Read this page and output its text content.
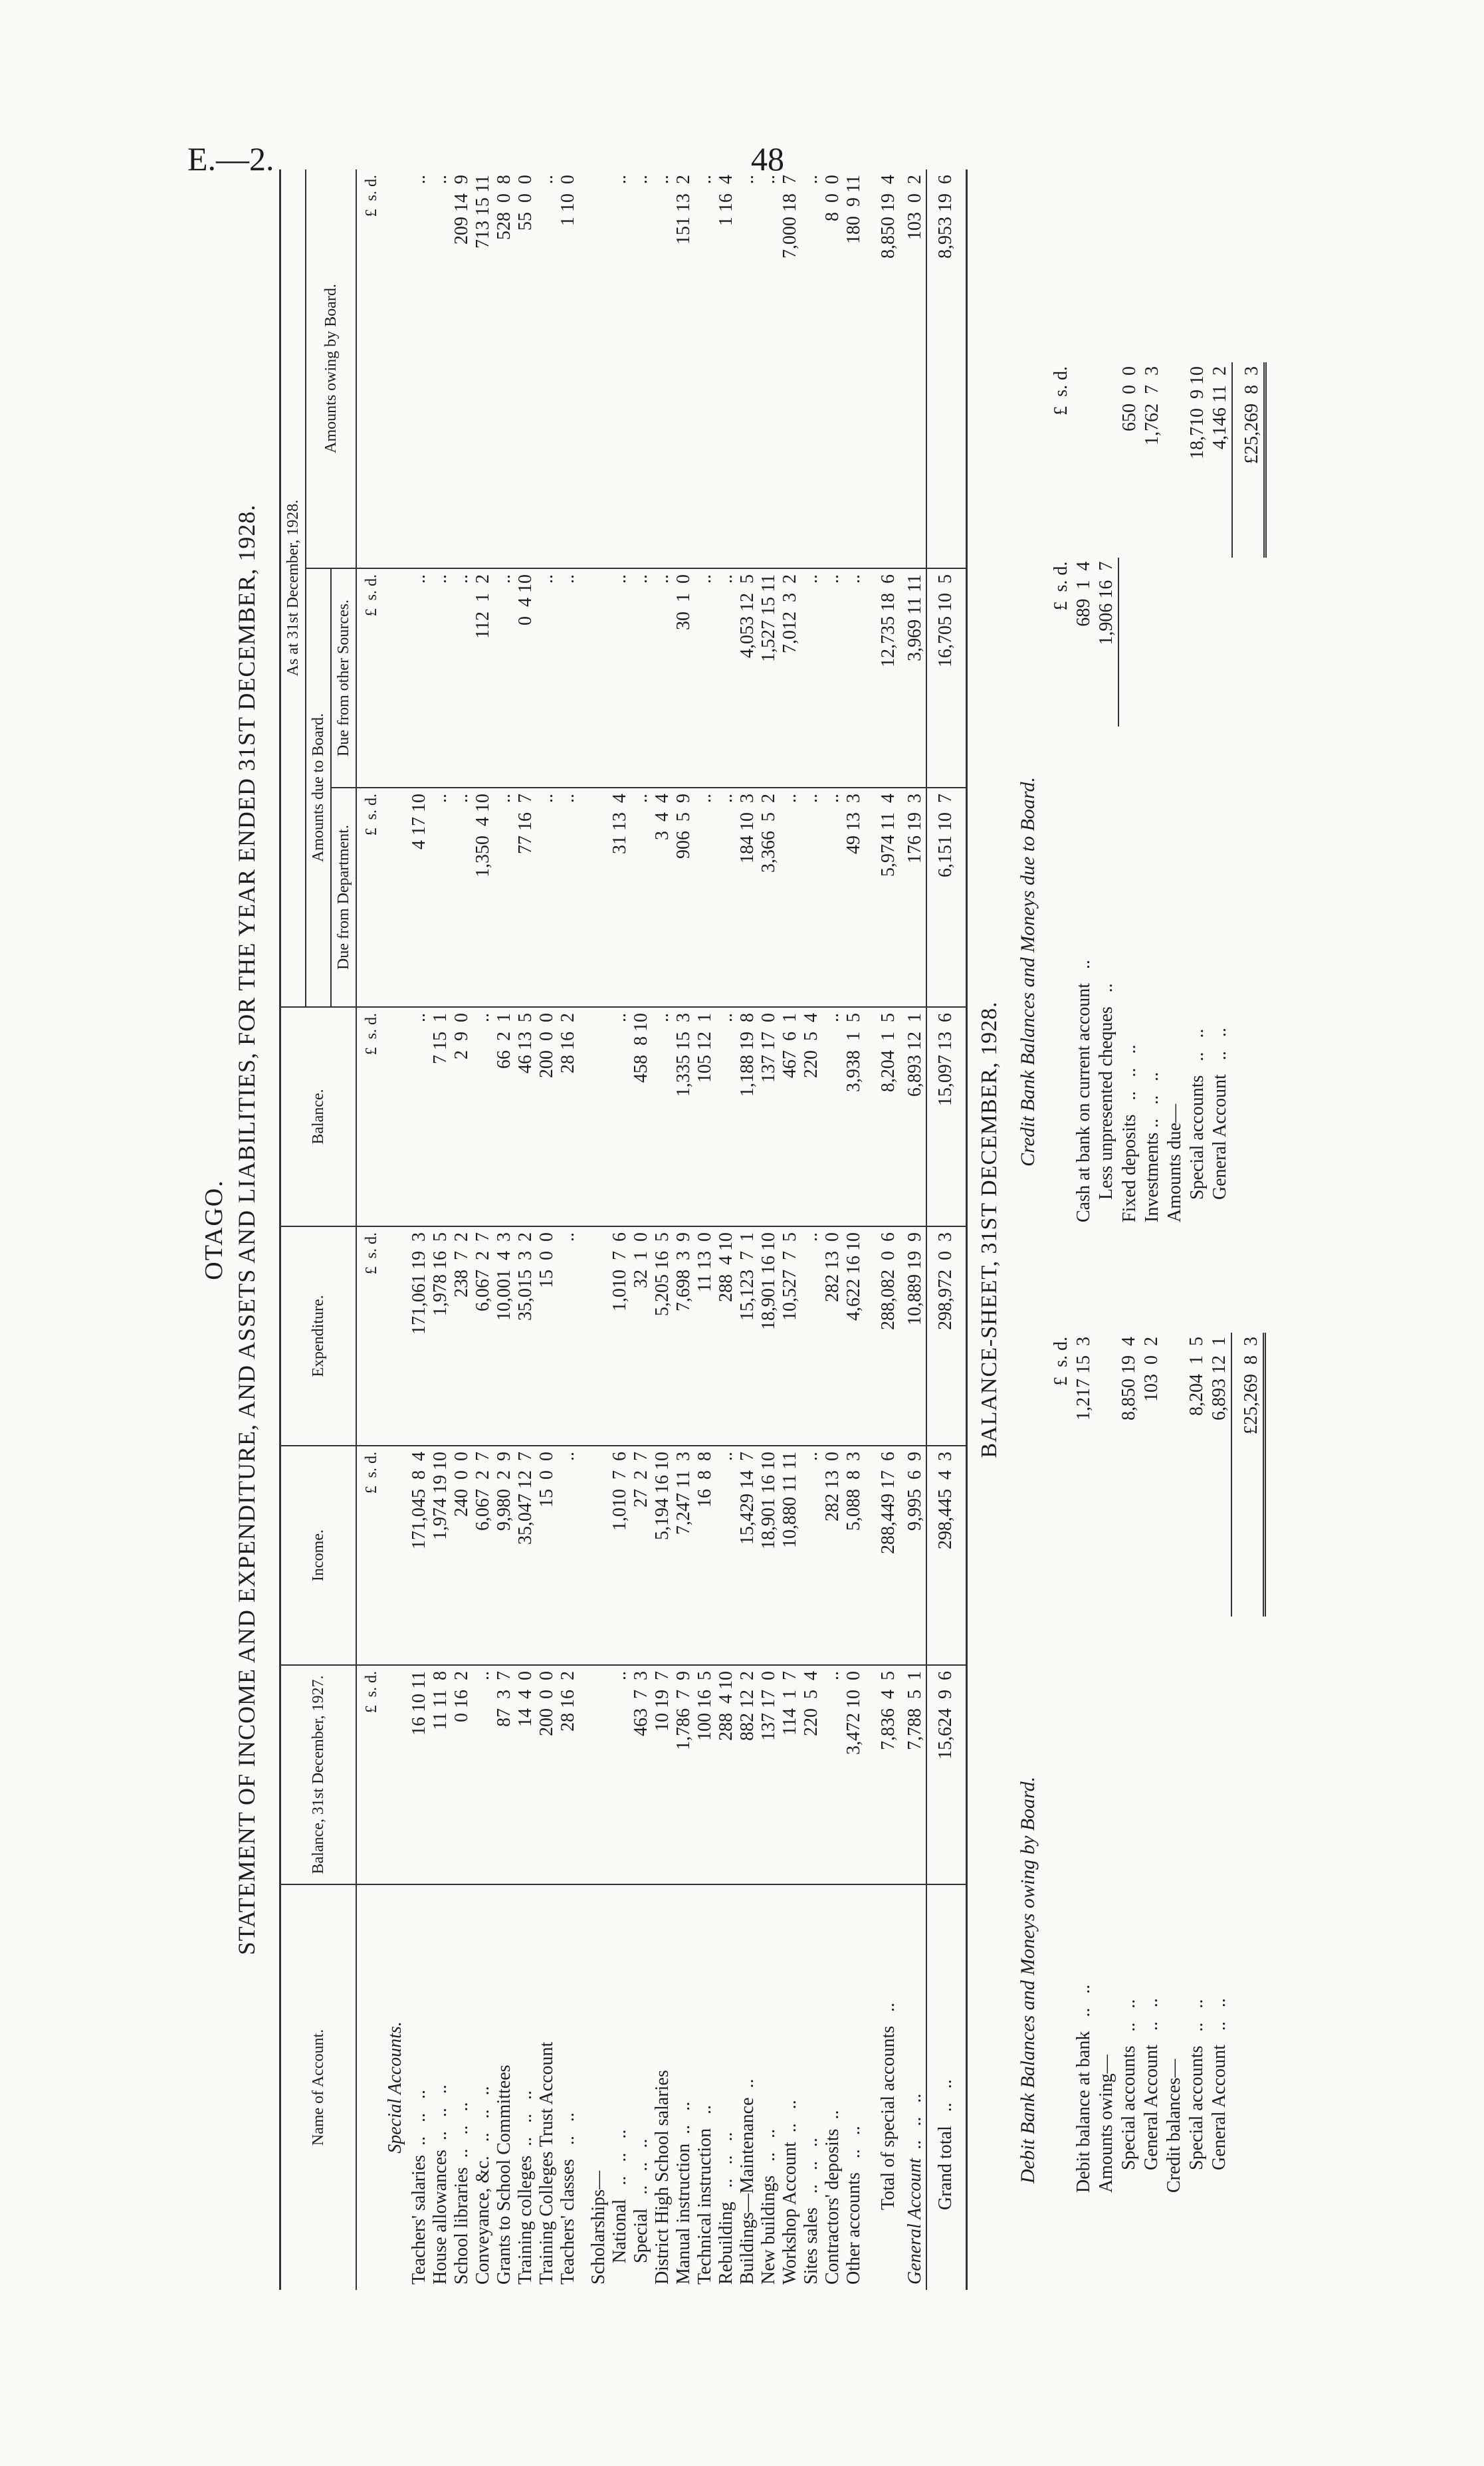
E.—2.	48
OTAGO. STATEMENT OF INCOME AND EXPENDITURE, AND ASSETS AND LIABILITIES, FOR THE YEAR ENDED 31ST DECEMBER, 1928.
Name of Account.	Balance, 31st December, 1927.	Income.	Expenditure.	Balance.	As at 31st December, 1928.		
					Amounts due to Board.		Amounts owing by Board.
					Due from Department.	Due from other Sources.	
	£  s. d.	£  s. d.	£  s. d.	£  s. d.	£  s. d.	£  s. d.	£  s. d.
Special Accounts.							
Teachers' salaries  ..   ..   ..	16 10 11	171,045  8  4	171,061 19  3	..	4 17 10	..	..
House allowances  ..   ..   ..	11 11  8	1,974 19 10	1,978 16  5	7 15  1	..	..	..
School libraries  ..   ..   ..	0 16  2	240  0  0	238  7  2	2  9  0	..	..	209 14  9
Conveyance, &c.   ..   ..   ..	..	6,067  2  7	6,067  2  7	..	1,350  4 10	112  1  2	713 15 11
Grants to School Committees	87  3  7	9,980  2  9	10,001  4  3	66  2  1	..	..	528  0  8
Training colleges  ..   ..   ..	14  4  0	35,047 12  7	35,015  3  2	46 13  5	77 16  7	0  4 10	55  0  0
Training Colleges Trust Account	200  0  0	15  0  0	15  0  0	200  0  0	..	..	..
Teachers' classes   ..   ..	28 16  2	..	..	28 16  2	..	..	1 10  0
Scholarships—							
National   ..   ..   ..	..	1,010  7  6	1,010  7  6	..	31 13  4	..	..
Special   ..   ..   ..	463  7  3	27  2  7	32  1  0	458  8 10	..	..	..
District High School salaries	10 19  7	5,194 16 10	5,205 16  5	..	3  4  4	..	..
Manual instruction  ..   ..	1,786  7  9	7,247 11  3	7,698  3  9	1,335 15  3	906  5  9	30  1  0	151 13  2
Technical instruction   ..	100 16  5	16  8  8	11 13  0	105 12  1	..	..	..
Rebuilding   ..   ..   ..	288  4 10	..	288  4 10	..	..	..	1 16  4
Buildings—Maintenance  ..	882 12  2	15,429 14  7	15,123  7  1	1,188 19  8	184 10  3	4,053 12  5	..
New buildings   ..   ..	137 17  0	18,901 16 10	18,901 16 10	137 17  0	3,366  5  2	1,527 15 11	..
Workshop Account  ..   ..	114  1  7	10,880 11 11	10,527  7  5	467  6  1	..	7,012  3  2	7,000 18  7
Sites sales   ..   ..   ..	220  5  4	..	..	220  5  4	..	..	..
Contractors' deposits  ..	..	282 13  0	282 13  0	..	..	..	8  0  0
Other accounts   ..   ..	3,472 10  0	5,088  8  3	4,622 16 10	3,938  1  5	49 13  3	..	180  9 11
Total of special accounts   ..	7,836  4  5	288,449 17  6	288,082  0  6	8,204  1  5	5,974 11  4	12,735 18  6	8,850 19  4
General Account  ..   ..   ..	7,788  5  1	9,995  6  9	10,889 19  9	6,893 12  1	176 19  3	3,969 11 11	103  0  2
Grand total   ..   ..	15,624  9  6	298,445  4  3	298,972  0  3	15,097 13  6	6,151 10  7	16,705 10  5	8,953 19  6
BALANCE-SHEET, 31ST DECEMBER, 1928.
Debit Bank Balances and Moneys owing by Board.
Credit Bank Balances and Moneys due to Board.
	£  s. d.
Debit balance at bank   ..   ..	1,217 15  3
Amounts owing—	
Special accounts   ..   ..	8,850 19  4
General Account   ..   ..	103  0  2
Credit balances—	
Special accounts   ..   ..	8,204  1  5
General Account   ..   ..	6,893 12  1
	£25,269  8  3
	£  s. d.	£  s. d.
Cash at bank on current account   ..	689  1  4	
Less unpresented cheques   ..	1,906 16  7	
Fixed deposits   ..   ..   ..		650  0  0
Investments ..   ..   ..		1,762  7  3
Amounts due—		
Special accounts   ..   ..		18,710  9 10
General Account   ..   ..		4,146 11  2
		£25,269  8  3
